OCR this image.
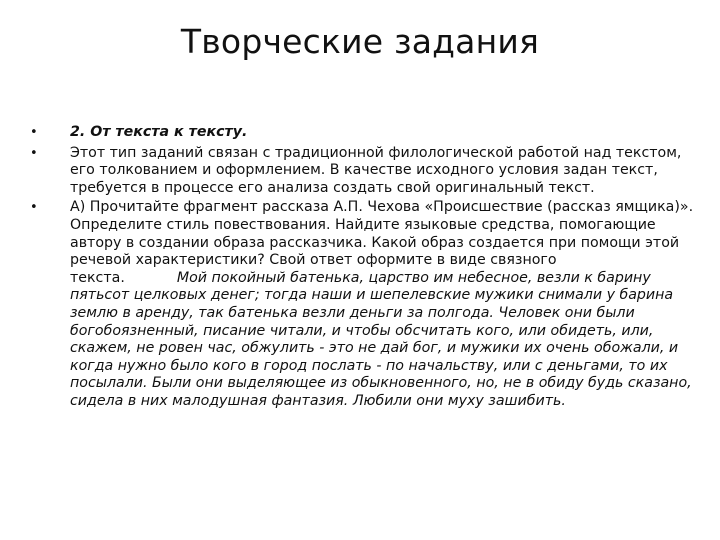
Творческие задания
• 2. От текста к тексту.
• Этот тип заданий связан с традиционной филологической работой над текстом, его толкованием и оформлением. В качестве исходного условия задан текст, требуется в процессе его анализа создать свой оригинальный текст.
• А) Прочитайте фрагмент рассказа А.П. Чехова «Происшествие (рассказ ямщика)». Определите стиль повествования. Найдите языковые средства, помогающие автору в создании образа рассказчика. Какой образ создается при помощи этой речевой характеристики? Свой ответ оформите в виде связного текста.	Мой покойный батенька, царство им небесное, везли к барину пятьсот целковых денег; тогда наши и шепелевские мужики снимали у барина землю в аренду, так батенька везли деньги за полгода. Человек они были богобоязненный, писание читали, и чтобы обсчитать кого, или обидеть, или, скажем, не ровен час, обжулить - это не дай бог, и мужики их очень обожали, и когда нужно было кого в город послать - по начальству, или с деньгами, то их посылали. Были они выделяющее из обыкновенного, но, не в обиду будь сказано, сидела в них малодушная фантазия. Любили они муху зашибить.
